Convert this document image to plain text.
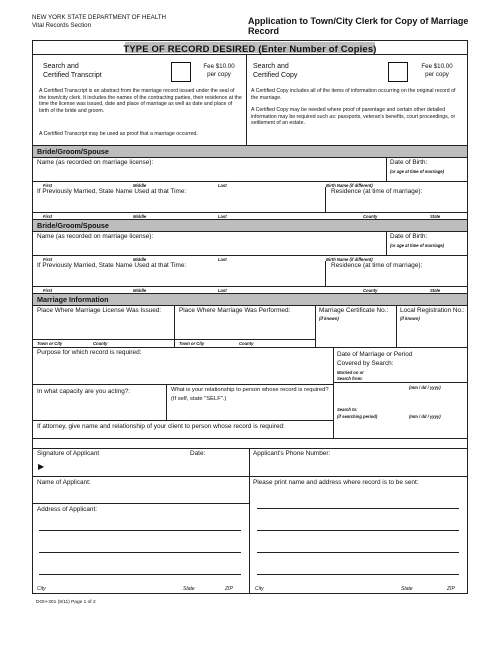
NEW YORK STATE DEPARTMENT OF HEALTH
Vital Records Section	Application to Town/City Clerk for Copy of Marriage Record
TYPE OF RECORD DESIRED (Enter Number of Copies)
Search and
Certified Transcript
Fee $10.00
per copy
A Certified Transcript is an abstract from the marriage record issued under the seal of the town/city clerk. It includes the names of the contracting parties, their residence at the time the license was issued, date and place of marriage as well as date and place of birth of the bride and groom.
A Certified Transcript may be used as proof that a marriage occurred.
Search and
Certified Copy
Fee $10.00
per copy
A Certified Copy includes all of the items of information occurring on the original record of the marriage.
A Certified Copy may be needed where proof of parentage and certain other detailed information may be required such as: passports, veteran's benefits, court proceedings, or settlement of an estate.
Bride/Groom/Spouse
Name (as recorded on marriage license):	Date of Birth:
(or age at time of marriage)
First	Middle	Last	Birth Name (if different)
If Previously Married, State Name Used at that Time:	Residence (at time of marriage):
First	Middle	Last	County	State
Bride/Groom/Spouse
Name (as recorded on marriage license):	Date of Birth:
(or age at time of marriage)
First	Middle	Last	Birth Name (if different)
If Previously Married, State Name Used at that Time:	Residence (at time of marriage):
First	Middle	Last	County	State
Marriage Information
Place Where Marriage License Was Issued:	Place Where Marriage Was Performed:	Marriage Certificate No.:
(if known)
Local Registration No.:
(if known)
Town or City	County	Town or City	County
Purpose for which record is required:	Date of Marriage or Period
Covered by Search:
Married on or
Search from:
(mm / dd / yyyy)
Search to:
(if searching period)	(mm / dd / yyyy)
In what capacity are you acting?:	What is your relationship to person whose record is required?
(If self, state "SELF".)
If attorney, give name and relationship of your client to person whose record is required:
Signature of Applicant
▶
Date:	Applicant's Phone Number:
Name of Applicant:	Please print name and address where record is to be sent:
Address of Applicant:
City	State	ZIP	City	State	ZIP
DOH-301 (8/11) Page 1 of 2
